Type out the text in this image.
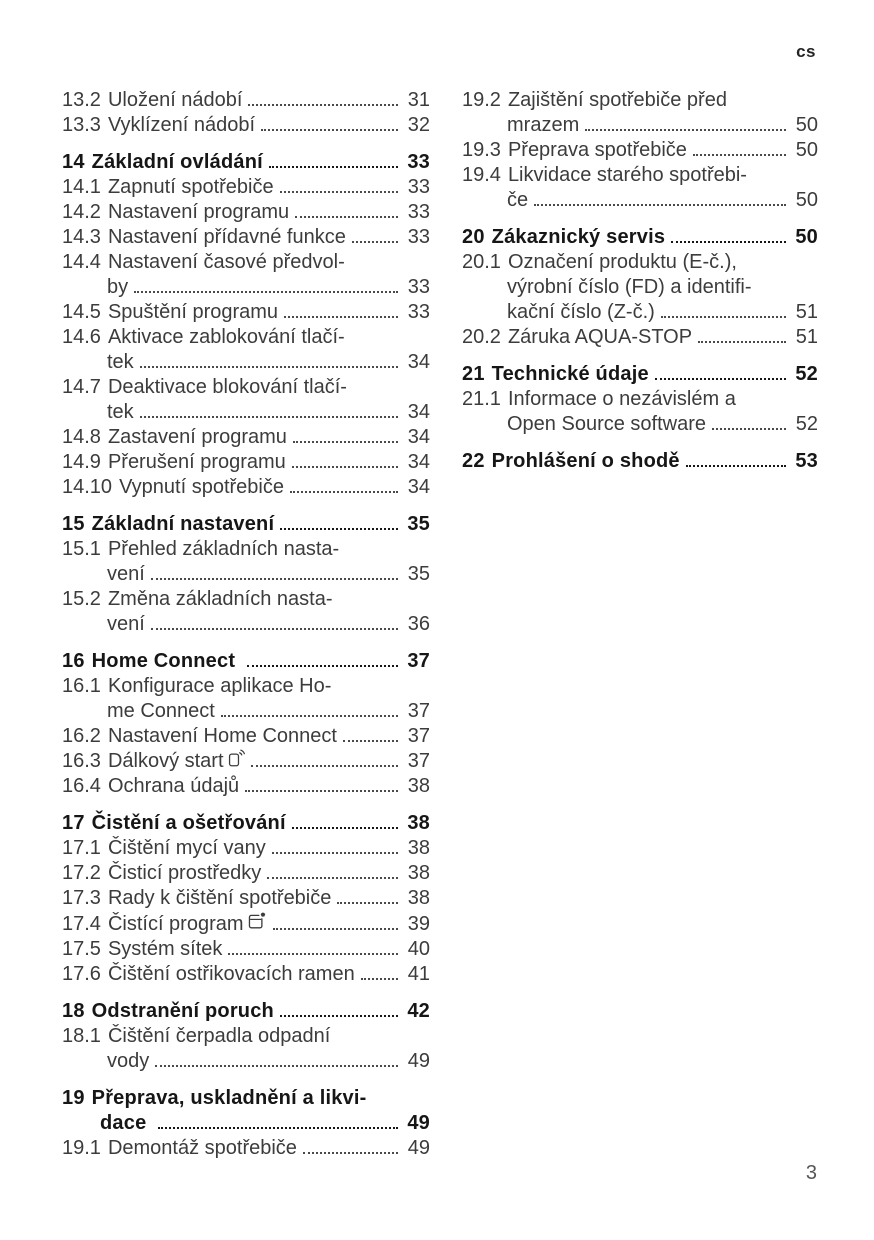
cs
13.2 Uložení nádobí	31
13.3 Vyklízení nádobí	32
14 Základní ovládání	33
14.1 Zapnutí spotřebiče	33
14.2 Nastavení programu	33
14.3 Nastavení přídavné funkce	33
14.4 Nastavení časové předvol-
by	33
14.5 Spuštění programu	33
14.6 Aktivace zablokování tlačí-
tek	34
14.7 Deaktivace blokování tlačí-
tek	34
14.8 Zastavení programu	34
14.9 Přerušení programu	34
14.10 Vypnutí spotřebiče	34
15 Základní nastavení	35
15.1 Přehled základních nasta-
vení	35
15.2 Změna základních nasta-
vení	36
16 Home Connect	37
16.1 Konfigurace aplikace Ho-
me Connect	37
16.2 Nastavení Home Connect	37
16.3 Dálkový start	37
16.4 Ochrana údajů	38
17 Čistění a ošetřování	38
17.1 Čištění mycí vany	38
17.2 Čisticí prostředky	38
17.3 Rady k čištění spotřebiče	38
17.4 Čistící program	39
17.5 Systém sítek	40
17.6 Čištění ostřikovacích ramen	41
18 Odstranění poruch	42
18.1 Čištění čerpadla odpadní
vody	49
19 Přeprava, uskladnění a likvi-
dace	49
19.1 Demontáž spotřebiče	49
19.2 Zajištění spotřebiče před
mrazem	50
19.3 Přeprava spotřebiče	50
19.4 Likvidace starého spotřebi-
če	50
20 Zákaznický servis	50
20.1 Označení produktu (E-č.),
výrobní číslo (FD) a identifi-
kační číslo (Z-č.)	51
20.2 Záruka AQUA-STOP	51
21 Technické údaje	52
21.1 Informace o nezávislém a
Open Source software	52
22 Prohlášení o shodě	53
3
